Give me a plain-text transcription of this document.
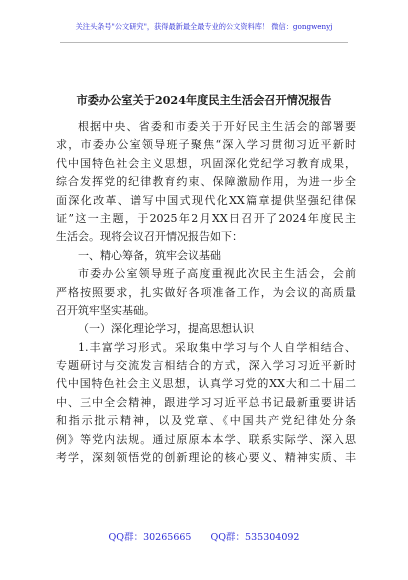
关注头条号"公文研究"，获得最新最全最专业的公文资料库！ 微信：gongwenyj
市委办公室关于2024年度民主生活会召开情况报告
根据中央、省委和市委关于开好民主生活会的部署要
求，市委办公室领导班子聚焦“深入学习贯彻习近平新时
代中国特色社会主义思想，巩固深化党纪学习教育成果，
综合发挥党的纪律教育约束、保障激励作用，为进一步全
面深化改革、谱写中国式现代化XX篇章提供坚强纪律保
证”这一主题，于2025年2月XX日召开了2024年度民主
生活会。现将会议召开情况报告如下：
一、精心筹备，筑牢会议基础
市委办公室领导班子高度重视此次民主生活会，会前
严格按照要求，扎实做好各项准备工作，为会议的高质量
召开筑牢坚实基础。
（一）深化理论学习，提高思想认识
1.丰富学习形式。采取集中学习与个人自学相结合、
专题研讨与交流发言相结合的方式，深入学习习近平新时
代中国特色社会主义思想，认真学习党的XX大和二十届二
中、三中全会精神，跟进学习习近平总书记最新重要讲话
和指示批示精神，以及党章、《中国共产党纪律处分条
例》等党内法规。通过原原本本学、联系实际学、深入思
考学，深刻领悟党的创新理论的核心要义、精神实质、丰
QQ群：30265665 QQ群：535304092
